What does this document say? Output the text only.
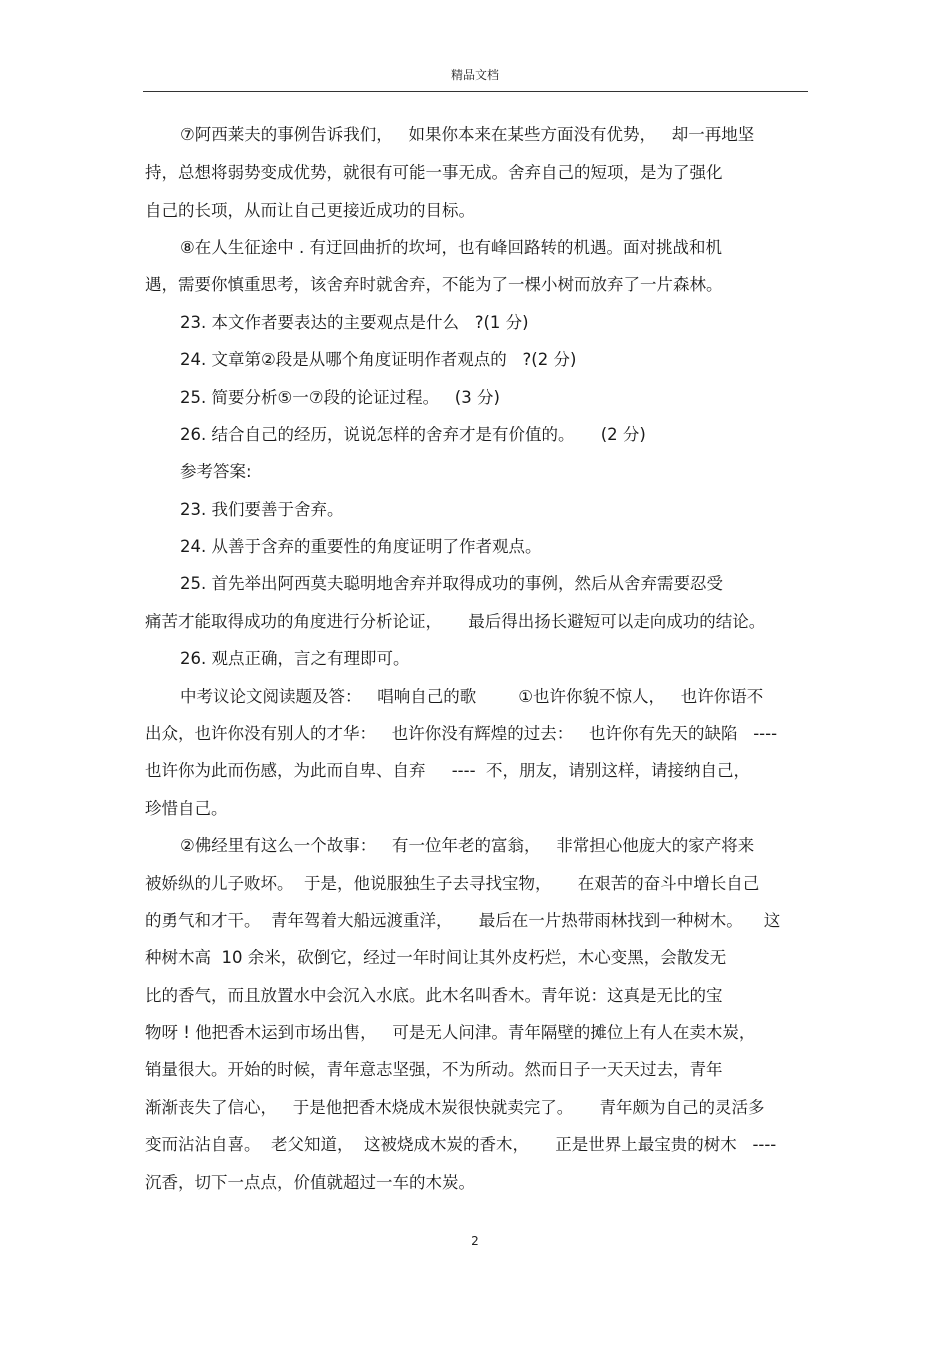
精品文档
⑦阿西莱夫的事例告诉我们，   如果你本来在某些方面没有优势，   却一再地坚
持，总想将弱势变成优势，就很有可能一事无成。舍弃自己的短项，是为了强化
自己的长项，从而让自己更接近成功的目标。
⑧在人生征途中 . 有迂回曲折的坎坷，也有峰回路转的机遇。面对挑战和机
遇，需要你慎重思考，该舍弃时就舍弃，不能为了一棵小树而放弃了一片森林。
23. 本文作者要表达的主要观点是什么   ?(1 分)
24. 文章第②段是从哪个角度证明作者观点的   ?(2 分)
25. 简要分析⑤一⑦段的论证过程。   (3 分)
26. 结合自己的经历，说说怎样的舍弃才是有价值的。     (2 分)
参考答案:
23. 我们要善于舍弃。
24. 从善于含弃的重要性的角度证明了作者观点。
25. 首先举出阿西莫夫聪明地舍弃并取得成功的事例，然后从舍弃需要忍受
痛苦才能取得成功的角度进行分析论证，     最后得出扬长避短可以走向成功的结论。
26. 观点正确，言之有理即可。
中考议论文阅读题及答：   唱响自己的歌        ①也许你貌不惊人，   也许你语不
出众，也许你没有别人的才华：   也许你没有辉煌的过去：   也许你有先天的缺陷   ----
也许你为此而伤感，为此而自卑、自弃     ----  不，朋友，请别这样，请接纳自己，
珍惜自己。
②佛经里有这么一个故事：   有一位年老的富翁，   非常担心他庞大的家产将来
被娇纵的儿子败坏。  于是，他说服独生子去寻找宝物，     在艰苦的奋斗中增长自己
的勇气和才干。  青年驾着大船远渡重洋，     最后在一片热带雨林找到一种树木。    这
种树木高  10 余米，砍倒它，经过一年时间让其外皮朽烂，木心变黑，会散发无
比的香气，而且放置水中会沉入水底。此木名叫香木。青年说：这真是无比的宝
物呀 ! 他把香木运到市场出售，   可是无人问津。青年隔壁的摊位上有人在卖木炭，
销量很大。开始的时候，青年意志坚强，不为所动。然而日子一天天过去，青年
渐渐丧失了信心，   于是他把香木烧成木炭很快就卖完了。     青年颇为自己的灵活多
变而沾沾自喜。  老父知道，  这被烧成木炭的香木，     正是世界上最宝贵的树木   ----
沉香，切下一点点，价值就超过一车的木炭。
2
